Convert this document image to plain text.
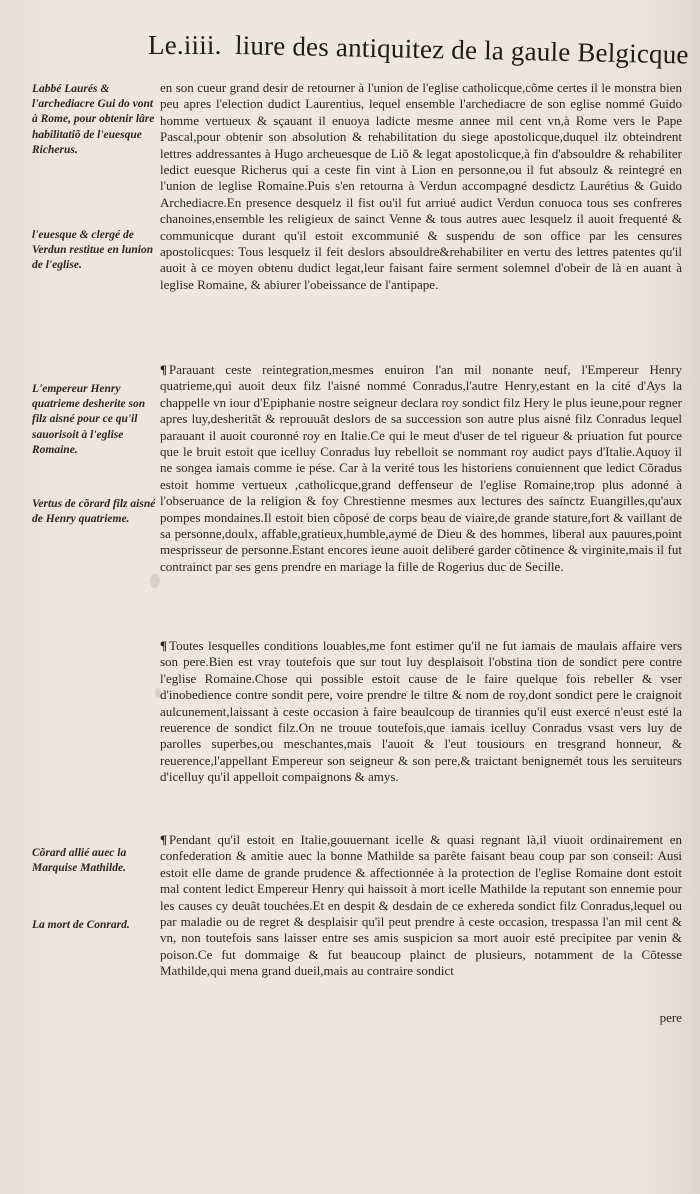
Le.iiii. liure des antiquitez de la gaule Belgicque
Labbé Laurés & l'archediacre Gui do vont à Rome, pour obtenir lâre habilitatiõ de l'euesque Richerus.
l'euesque & clergé de Verdun restitue en lunion de l'eglise.
L'empereur Henry quatrieme desherite son filz aisné pour ce qu'il sauorisoit à l'eglise Romaine.
Vertus de cõrard filz aisné de Henry quatrieme.
Cõrard allié auec la Marquise Mathilde.
La mort de Conrard.

en son cueur grand desir de retourner à l'union de l'eglise catholicque,cõme certes il le monstra bien peu apres l'election dudict Laurentius, lequel ensemble l'archediacre de son eglise nommé Guido homme vertueux & sçauant il enuoya ladicte mesme annee mil cent vn,à Rome vers le Pape Pascal,pour obtenir son absolution & rehabilitation du siege apostolicque,duquel ilz obteindrent lettres addressantes à Hugo archeuesque de Liõ & legat apostolicque,à fin d'absouldre & rehabiliter ledict euesque Richerus qui a ceste fin vint à Lion en personne,ou il fut absoulz & reintegré en l'union de leglise Romaine.Puis s'en retourna à Verdun accompagné desdictz Laurétius & Guido Archediacre.En presence desquelz il fist ou'il fut arriué audict Verdun conuoca tous ses confreres chanoines,ensemble les religieux de sainct Venne & tous autres auec lesquelz il auoit frequenté & communicque durant qu'il estoit excommunié & suspendu de son office par les censures apostolicques: Tous lesquelz il feit deslors absouldre&rehabiliter en vertu des lettres patentes qu'il auoit à ce moyen obtenu dudict legat,leur faisant faire serment solemnel d'obeir de là en auant à leglise Romaine, & abiurer l'obeissance de l'antipape.

¶ Parauant ceste reintegration,mesmes enuiron l'an mil nonante neuf, l'Empereur Henry quatrieme,qui auoit deux filz l'aisné nommé Conradus,l'autre Henry,estant en la cité d'Ays la chappelle vn iour d'Epiphanie nostre seigneur declara roy sondict filz Hery le plus ieune,pour regner apres luy,desheritãt & reprouuãt deslors de sa succession son autre plus aisné filz Conradus lequel parauant il auoit couronné roy en Italie.Ce qui le meut d'user de tel rigueur & priuation fut pource que le bruit estoit que icelluy Conradus luy rebelloit se nommant roy audict pays d'Italie.Aquoy il ne songea iamais comme ie pése. Car à la verité tous les historiens conuiennent que ledict Cõradus estoit homme vertueux ,catholicque,grand deffenseur de l'eglise Romaine,trop plus adonné à l'obseruance de la religion & foy Chrestienne mesmes aux lectures des saínctz Euangilles,qu'aux pompes mondaines.Il estoit bien cõposé de corps beau de viaire,de grande stature,fort & vaillant de sa personne,doulx, affable,gratieux,humble,aymé de Dieu & des hommes, liberal aux pauures,point mesprisseur de personne.Estant encores ieune auoit deliberé garder cõtinence & virginite,mais il fut contrainct par ses gens prendre en mariage la fille de Rogerius duc de Secille.

¶ Toutes lesquelles conditions louables,me font estimer qu'il ne fut iamais de maulais affaire vers son pere.Bien est vray toutefois que sur tout luy desplaisoit l'obstina tion de sondict pere contre l'eglise Romaine.Chose qui possible estoit cause de le faire quelque fois rebeller & vser d'inobedience contre sondit pere, voire prendre le tiltre & nom de roy,dont sondict pere le craignoit aulcunement,laissant à ceste occasion à faire beaulcoup de tirannies qu'il eust exercé n'eust esté la reuerence de sondict filz.On ne trouue toutefois,que iamais icelluy Conradus vsast vers luy de parolles superbes,ou meschantes,mais l'auoit & l'eut tousiours en tresgrand honneur, & reuerence,l'appellant Empereur son seigneur & son pere,& traictant benignemét tous les seruiteurs d'icelluy qu'il appelloit compaignons & amys.

¶ Pendant qu'il estoit en Italie,gouuernant icelle & quasi regnant là,il viuoit ordinairement en confederation & amitie auec la bonne Mathilde sa parête faisant beau coup par son conseil: Ausi estoit elle dame de grande prudence & affectionnée à la protection de l'eglise Romaine dont estoit mal content ledict Empereur Henry qui haissoit à mort icelle Mathilde la reputant son ennemie pour les causes cy deuãt touchées.Et en despit & desdain de ce exhereda sondict filz Conradus,lequel ou par maladie ou de regret & desplaisir qu'il peut prendre à ceste occasion, trespassa l'an mil cent & vn, non toutefois sans laisser entre ses amis suspicion sa mort auoir esté precipitee par venin & poison.Ce fut dommaige & fut beaucoup plainct de plusieurs, notamment de la Cõtesse Mathilde,qui mena grand dueil,mais au contraire sondict

pere
